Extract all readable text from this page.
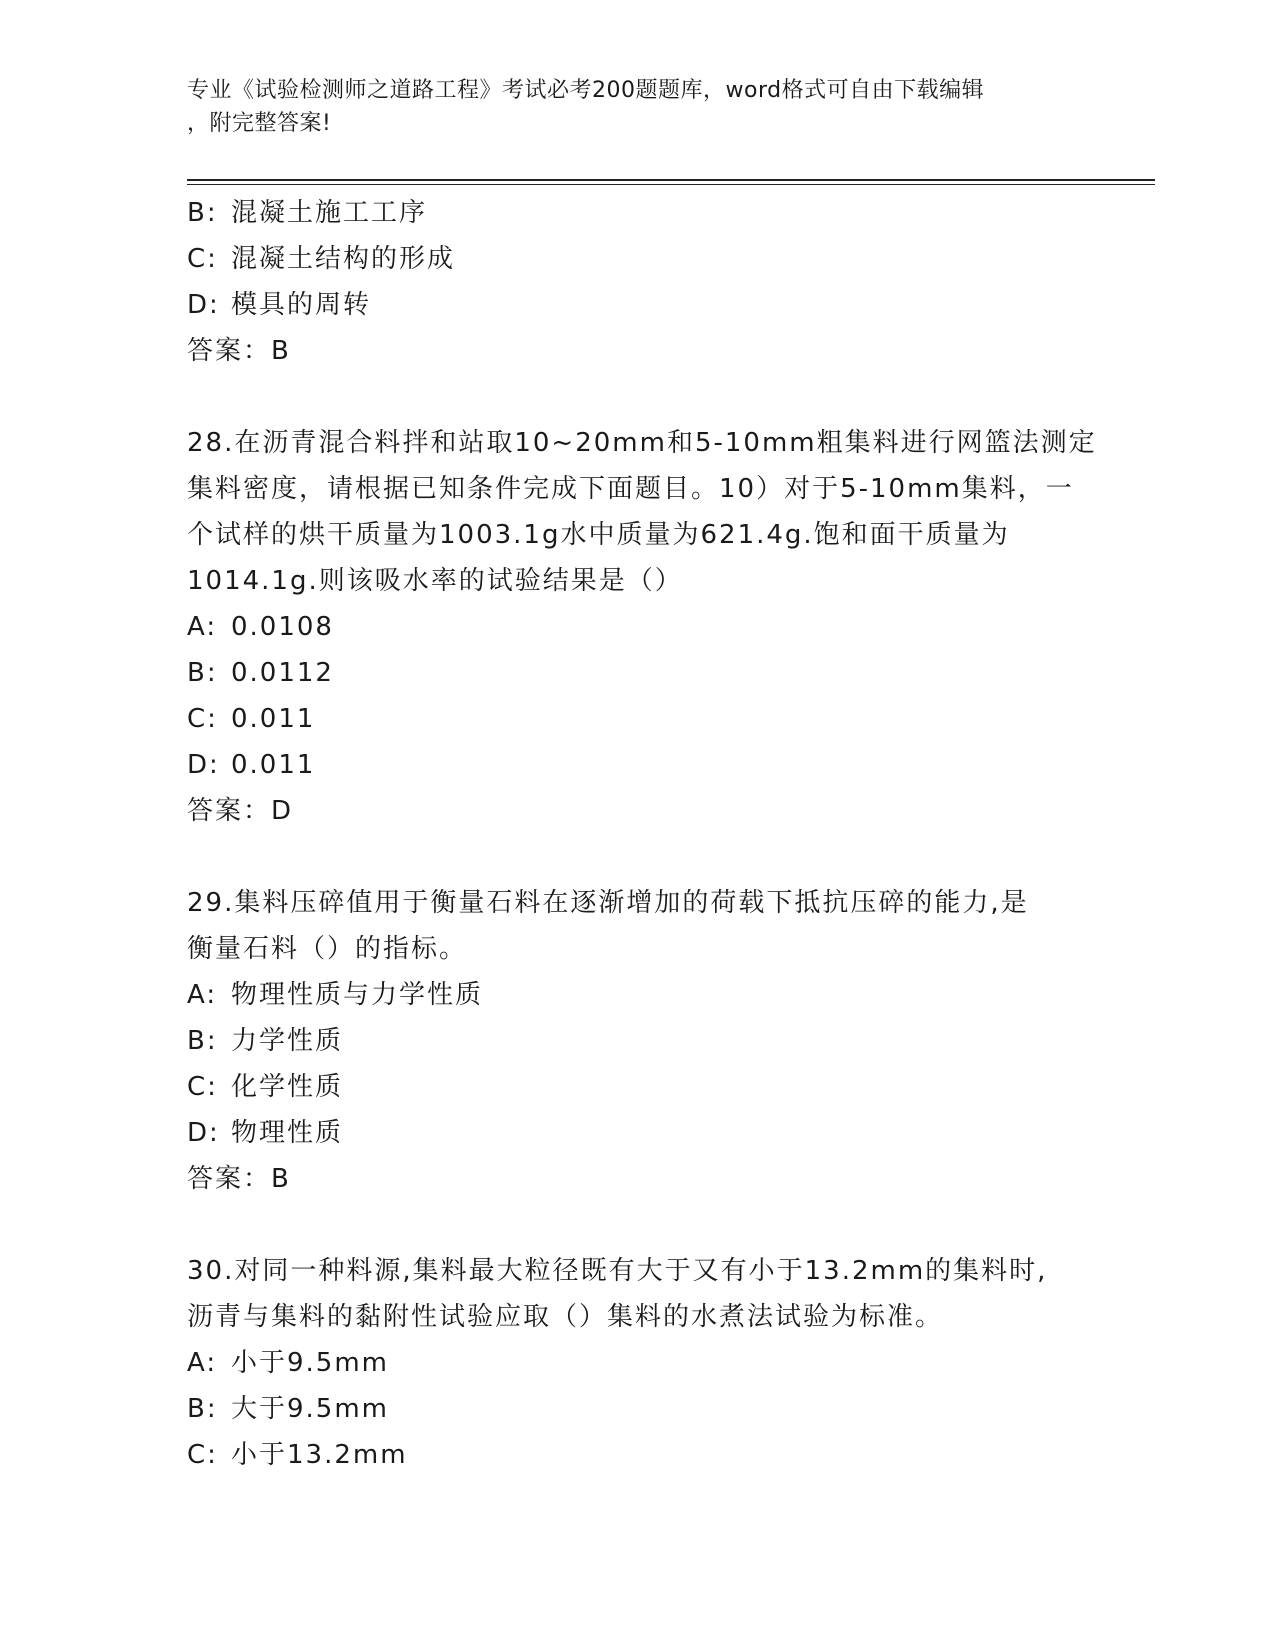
专业《试验检测师之道路工程》考试必考200题题库，word格式可自由下载编辑
，附完整答案!
B: 混凝土施工工序
C: 混凝土结构的形成
D: 模具的周转
答案：B
28.在沥青混合料拌和站取10~20mm和5-10mm粗集料进行网篮法测定
集料密度，请根据已知条件完成下面题目。10）对于5-10mm集料，一
个试样的烘干质量为1003.1g水中质量为621.4g.饱和面干质量为
1014.1g.则该吸水率的试验结果是（）
A: 0.0108
B: 0.0112
C: 0.011
D: 0.011
答案：D
29.集料压碎值用于衡量石料在逐渐增加的荷载下抵抗压碎的能力,是
衡量石料（）的指标。
A: 物理性质与力学性质
B: 力学性质
C: 化学性质
D: 物理性质
答案：B
30.对同一种料源,集料最大粒径既有大于又有小于13.2mm的集料时,
沥青与集料的黏附性试验应取（）集料的水煮法试验为标准。
A: 小于9.5mm
B: 大于9.5mm
C: 小于13.2mm
